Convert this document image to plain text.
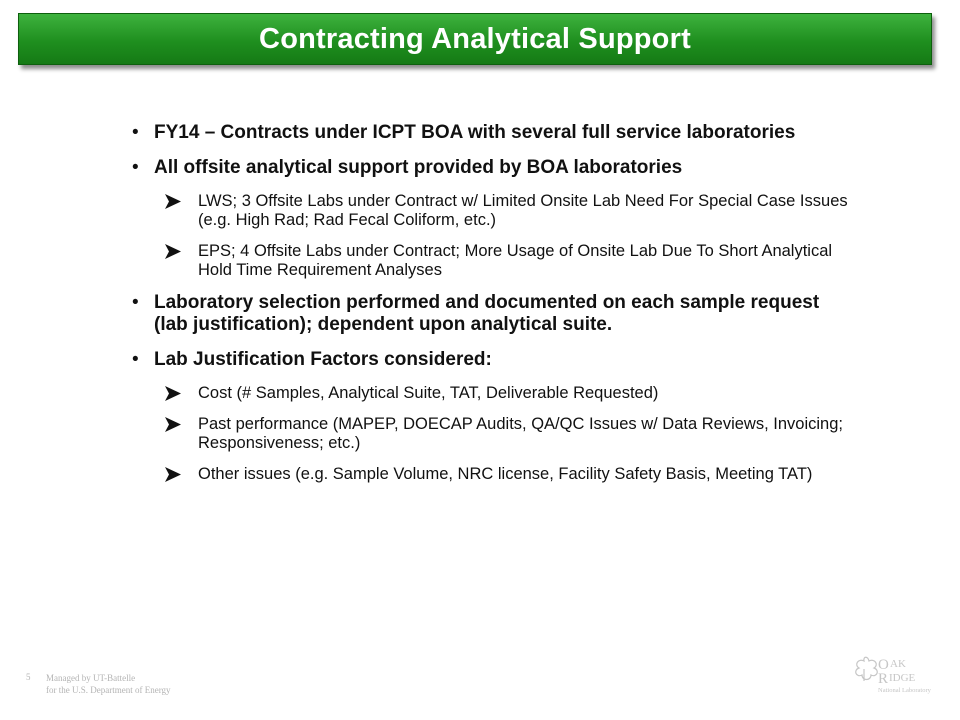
Contracting Analytical Support
• FY14 – Contracts under ICPT BOA with several full service laboratories
• All offsite analytical support provided by BOA laboratories
LWS; 3 Offsite Labs under Contract w/ Limited Onsite Lab Need For Special Case Issues (e.g. High Rad; Rad Fecal Coliform, etc.)
EPS; 4 Offsite Labs under Contract; More Usage of Onsite Lab Due To Short Analytical Hold Time Requirement Analyses
• Laboratory selection performed and documented on each sample request (lab justification); dependent upon analytical suite.
• Lab Justification Factors considered:
Cost (# Samples, Analytical Suite, TAT, Deliverable Requested)
Past performance (MAPEP, DOECAP Audits, QA/QC Issues w/ Data Reviews, Invoicing; Responsiveness; etc.)
Other issues (e.g. Sample Volume, NRC license, Facility Safety Basis, Meeting TAT)
5 Managed by UT-Battelle
for the U.S. Department of Energy
O AK
R IDGE
National Laboratory
